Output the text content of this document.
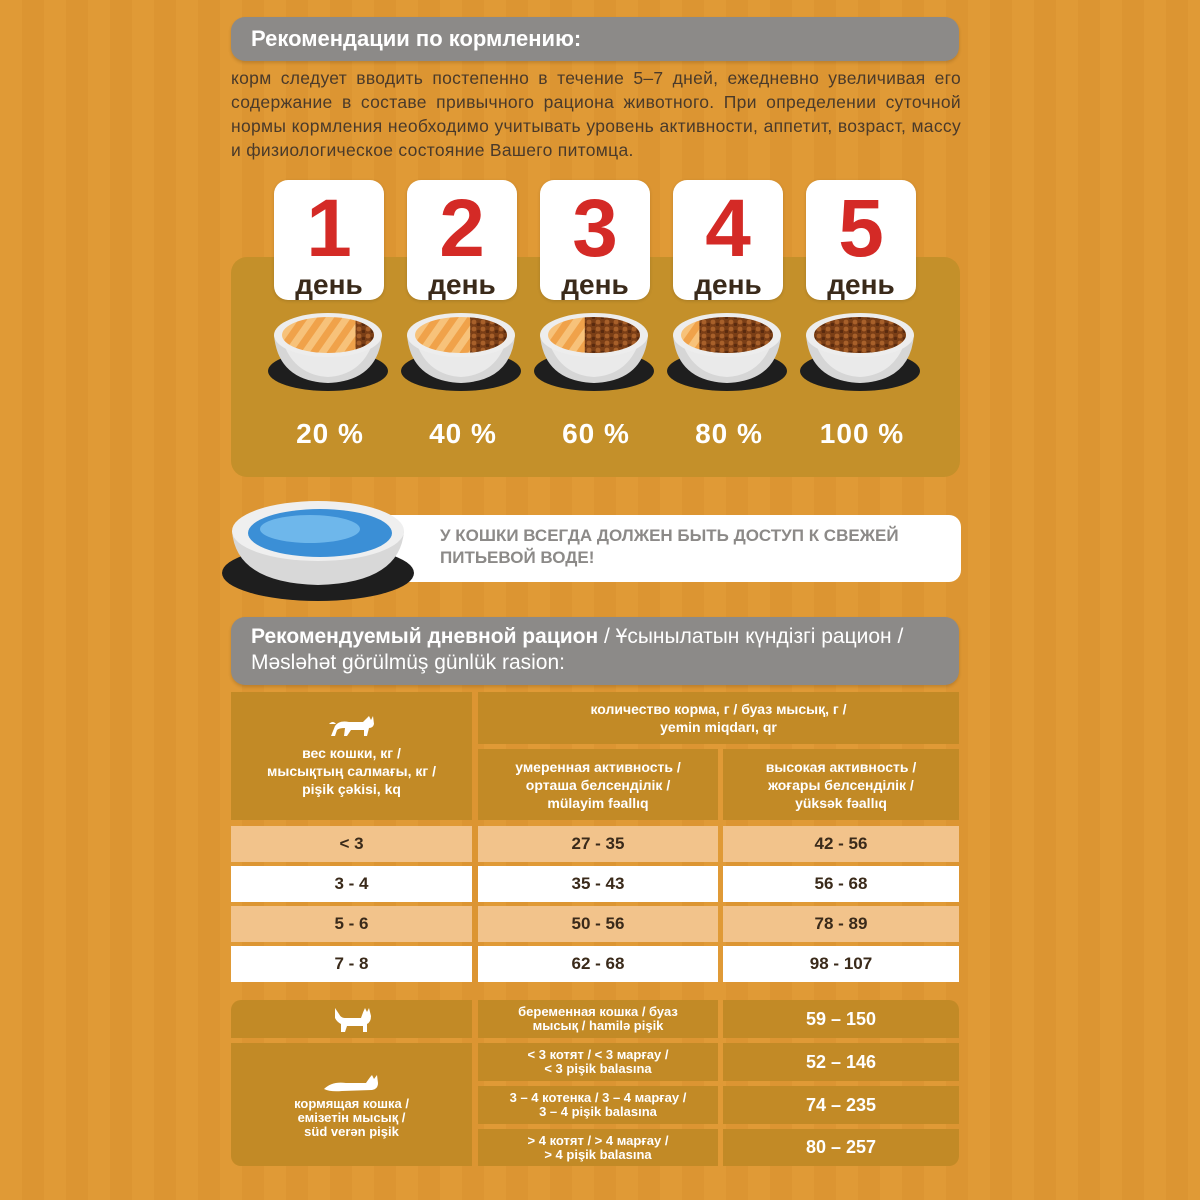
Рекомендации по кормлению:
корм следует вводить постепенно в течение 5–7 дней, ежедневно увеличивая его содержание в составе привычного рациона животного. При определении суточной нормы кормления необходимо учитывать уровень активности, аппетит, возраст, массу и физиологическое состояние Вашего питомца.
1
день
2
день
3
день
4
день
5
день
20 %	40 %	60 %	80 %	100 %
У КОШКИ ВСЕГДА ДОЛЖЕН БЫТЬ ДОСТУП К СВЕЖЕЙ
ПИТЬЕВОЙ ВОДЕ!
Рекомендуемый дневной рацион / Ұсынылатын күндізгі рацион /
Məsləhət görülmüş günlük rasion:
вес кошки, кг /
мысықтың салмағы, кг /
pişik çəkisi, kq
количество корма, г / буаз мысық, г /
yemin miqdarı, qr
умеренная активность /
орташа белсенділік /
mülayim fəallıq
высокая активность /
жоғары белсенділік /
yüksək fəallıq
< 3	27 - 35	42 - 56
3 - 4	35 - 43	56 - 68
5 - 6	50 - 56	78 - 89
7 - 8	62 - 68	98 - 107
беременная кошка / буаз
мысық / hamilə pişik	59 – 150
кормящая кошка /
емізетін мысық /
süd verən pişik
< 3 котят / < 3 марғау /
< 3 pişik balasına	52 – 146
3 – 4 котенка / 3 – 4 марғау /
3 – 4 pişik balasına	74 – 235
> 4 котят / > 4 марғау /
> 4 pişik balasına	80 – 257
